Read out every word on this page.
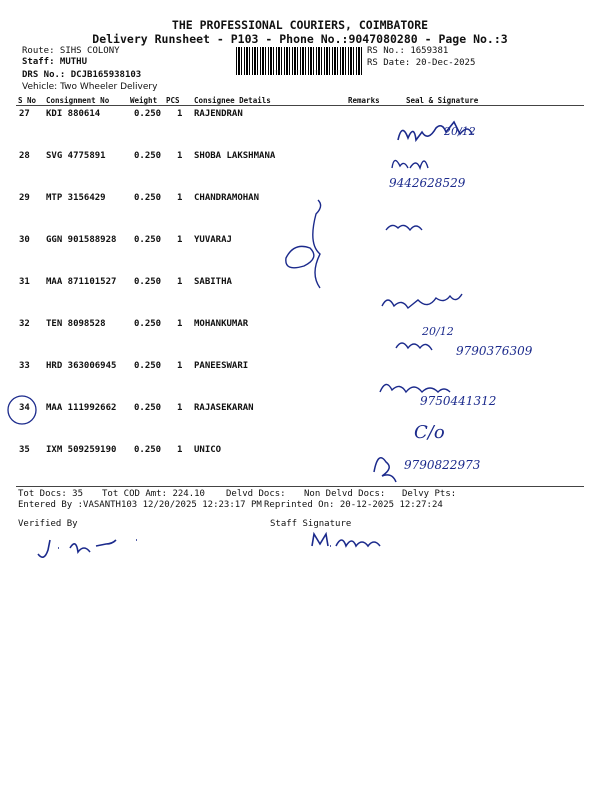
THE PROFESSIONAL COURIERS, COIMBATORE
Delivery Runsheet - P103 - Phone No.:9047080280 - Page No.:3
Route: SIHS COLONY
Staff: MUTHU
DRS No.: DCJB165938103
Vehicle: Two Wheeler Delivery
RS No.: 1659381
RS Date: 20-Dec-2025
S No Consignment No	Weight PCS Consignee Details	Remarks	Seal & Signature
27 KDI 880614	0.250 1 RAJENDRAN
28 SVG 4775891	0.250 1 SHOBA LAKSHMANA
29 MTP 3156429	0.250 1 CHANDRAMOHAN
30 GGN 901588928 0.250 1 YUVARAJ
31 MAA 871101527 0.250 1 SABITHA
32 TEN 8098528	0.250 1 MOHANKUMAR
33 HRD 363006945 0.250 1 PANEESWARI
34 MAA 111992662 0.250 1 RAJASEKARAN
35 IXM 509259190 0.250 1 UNICO
9442628529
20/12
20/12
9790376309
9750441312
C/o
9790822973
Tot Docs: 35 Tot COD Amt: 224.10 Delvd Docs: Non Delvd Docs: Delvy Pts:
Entered By :VASANTH103 12/20/2025 12:23:17 PM Reprinted On: 20-12-2025 12:27:24
Verified By	Staff Signature
